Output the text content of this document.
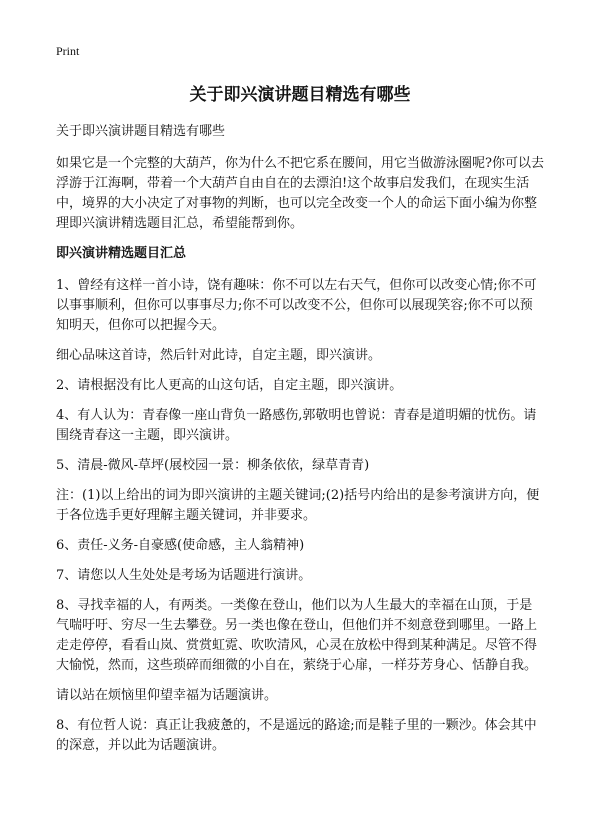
Print
关于即兴演讲题目精选有哪些

关于即兴演讲题目精选有哪些

如果它是一个完整的大葫芦，你为什么不把它系在腰间，用它当做游泳圈呢?你可以去浮游于江海啊，带着一个大葫芦自由自在的去漂泊!这个故事启发我们，在现实生活中，境界的大小决定了对事物的判断，也可以完全改变一个人的命运下面小编为你整理即兴演讲精选题目汇总，希望能帮到你。

即兴演讲精选题目汇总

1、曾经有这样一首小诗，饶有趣味：你不可以左右天气，但你可以改变心情;你不可以事事顺利，但你可以事事尽力;你不可以改变不公，但你可以展现笑容;你不可以预知明天，但你可以把握今天。

细心品味这首诗，然后针对此诗，自定主题，即兴演讲。

2、请根据没有比人更高的山这句话，自定主题，即兴演讲。

4、有人认为：青春像一座山背负一路感伤,郭敬明也曾说：青春是道明媚的忧伤。请围绕青春这一主题，即兴演讲。

5、清晨-微风-草坪(展校园一景：柳条依依，绿草青青)

注：(1)以上给出的词为即兴演讲的主题关键词;(2)括号内给出的是参考演讲方向，便于各位选手更好理解主题关键词，并非要求。

6、责任-义务-自豪感(使命感，主人翁精神)

7、请您以人生处处是考场为话题进行演讲。

8、寻找幸福的人，有两类。一类像在登山，他们以为人生最大的幸福在山顶，于是气喘吁吁、穷尽一生去攀登。另一类也像在登山，但他们并不刻意登到哪里。一路上走走停停，看看山岚、赏赏虹霓、吹吹清风，心灵在放松中得到某种满足。尽管不得大愉悦，然而，这些琐碎而细微的小自在，萦绕于心扉，一样芬芳身心、恬静自我。

请以站在烦恼里仰望幸福为话题演讲。

8、有位哲人说：真正让我疲惫的，不是遥远的路途;而是鞋子里的一颗沙。体会其中的深意，并以此为话题演讲。
